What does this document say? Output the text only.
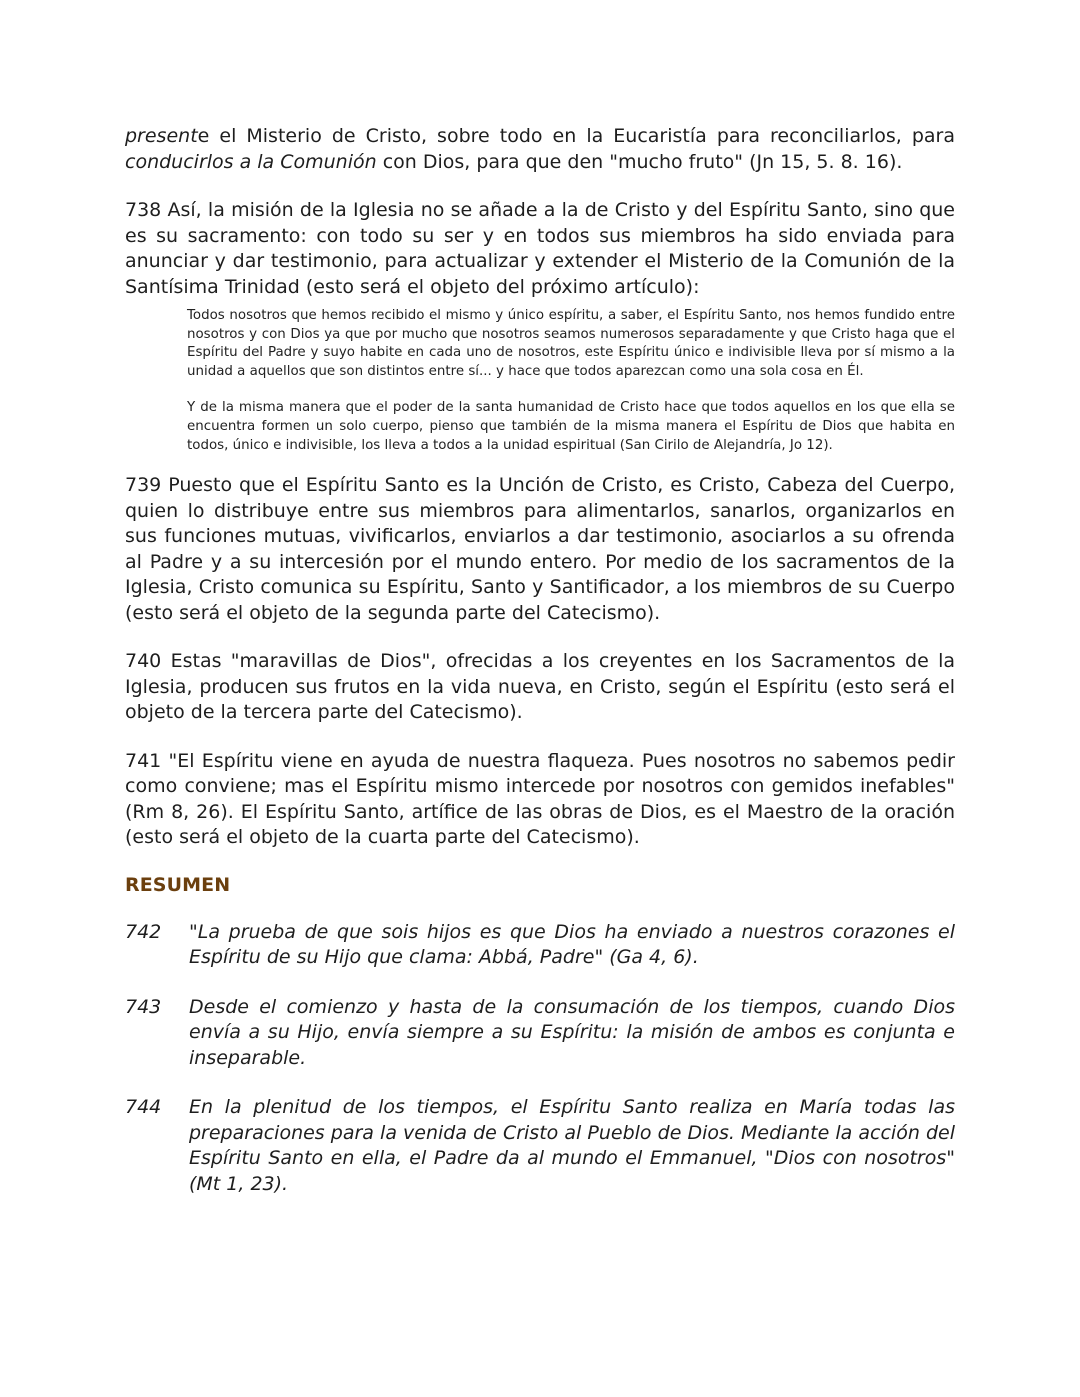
presente el Misterio de Cristo, sobre todo en la Eucaristía para reconciliarlos, para conducirlos a la Comunión con Dios, para que den "mucho fruto" (Jn 15, 5. 8. 16).

738 Así, la misión de la Iglesia no se añade a la de Cristo y del Espíritu Santo, sino que es su sacramento: con todo su ser y en todos sus miembros ha sido enviada para anunciar y dar testimonio, para actualizar y extender el Misterio de la Comunión de la Santísima Trinidad (esto será el objeto del próximo artículo):

Todos nosotros que hemos recibido el mismo y único espíritu, a saber, el Espíritu Santo, nos hemos fundido entre nosotros y con Dios ya que por mucho que nosotros seamos numerosos separadamente y que Cristo haga que el Espíritu del Padre y suyo habite en cada uno de nosotros, este Espíritu único e indivisible lleva por sí mismo a la unidad a aquellos que son distintos entre sí... y hace que todos aparezcan como una sola cosa en Él.

Y de la misma manera que el poder de la santa humanidad de Cristo hace que todos aquellos en los que ella se encuentra formen un solo cuerpo, pienso que también de la misma manera el Espíritu de Dios que habita en todos, único e indivisible, los lleva a todos a la unidad espiritual (San Cirilo de Alejandría, Jo 12).

739 Puesto que el Espíritu Santo es la Unción de Cristo, es Cristo, Cabeza del Cuerpo, quien lo distribuye entre sus miembros para alimentarlos, sanarlos, organizarlos en sus funciones mutuas, vivificarlos, enviarlos a dar testimonio, asociarlos a su ofrenda al Padre y a su intercesión por el mundo entero. Por medio de los sacramentos de la Iglesia, Cristo comunica su Espíritu, Santo y Santificador, a los miembros de su Cuerpo (esto será el objeto de la segunda parte del Catecismo).

740 Estas "maravillas de Dios", ofrecidas a los creyentes en los Sacramentos de la Iglesia, producen sus frutos en la vida nueva, en Cristo, según el Espíritu (esto será el objeto de la tercera parte del Catecismo).

741 "El Espíritu viene en ayuda de nuestra flaqueza. Pues nosotros no sabemos pedir como conviene; mas el Espíritu mismo intercede por nosotros con gemidos inefables" (Rm 8, 26). El Espíritu Santo, artífice de las obras de Dios, es el Maestro de la oración (esto será el objeto de la cuarta parte del Catecismo).

RESUMEN
742	"La prueba de que sois hijos es que Dios ha enviado a nuestros corazones el Espíritu de su Hijo que clama: Abbá, Padre" (Ga 4, 6).
743	Desde el comienzo y hasta de la consumación de los tiempos, cuando Dios envía a su Hijo, envía siempre a su Espíritu: la misión de ambos es conjunta e inseparable.
744	En la plenitud de los tiempos, el Espíritu Santo realiza en María todas las preparaciones para la venida de Cristo al Pueblo de Dios. Mediante la acción del Espíritu Santo en ella, el Padre da al mundo el Emmanuel, "Dios con nosotros" (Mt 1, 23).
